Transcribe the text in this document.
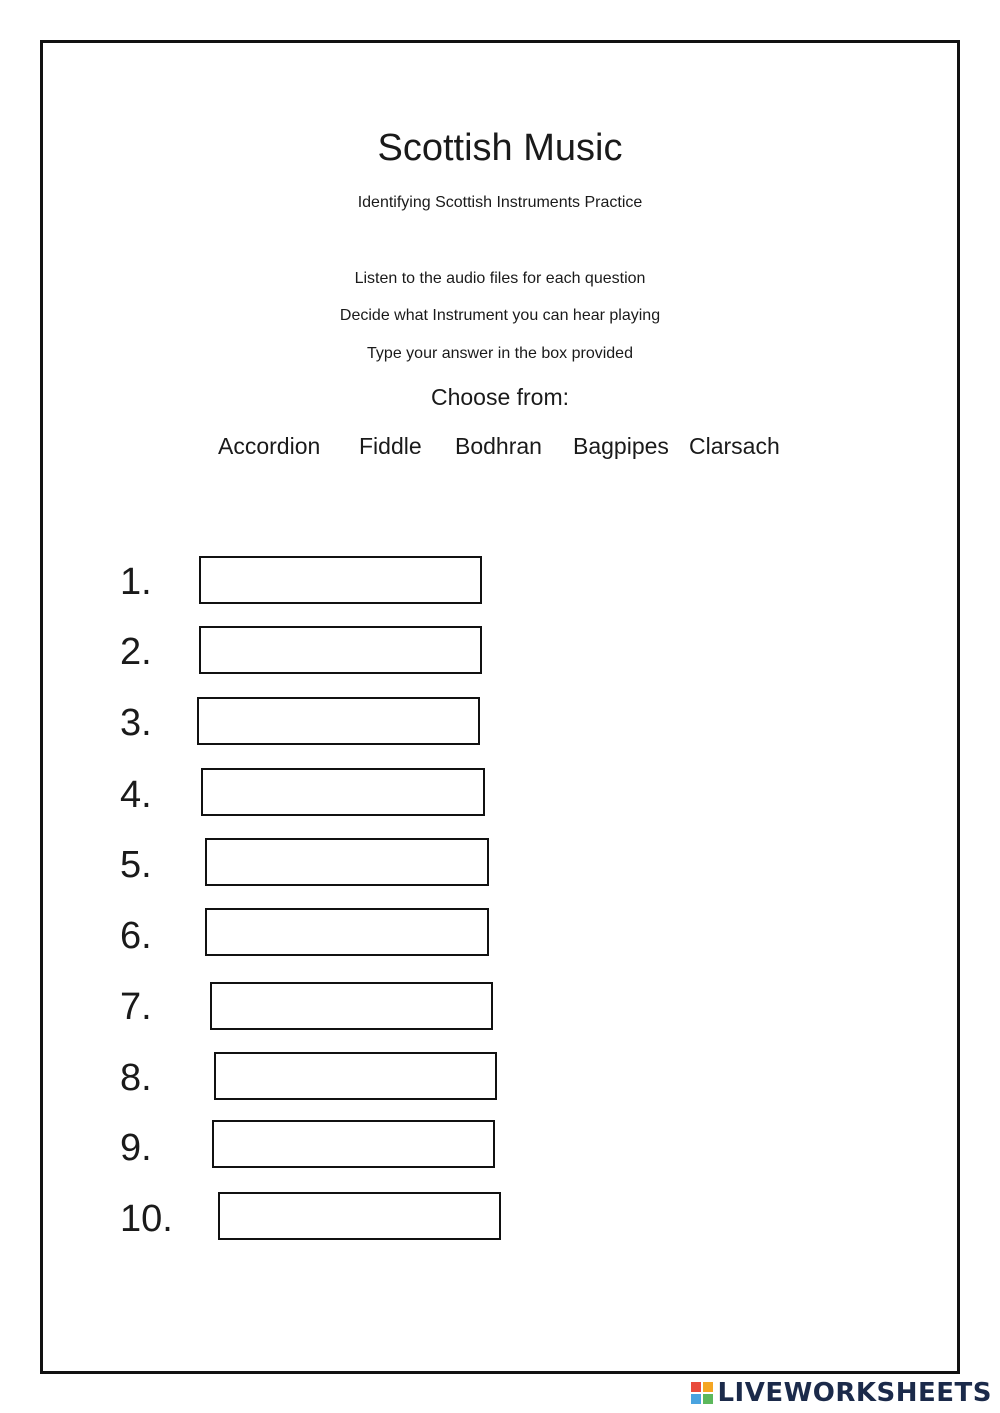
Scottish Music
Identifying Scottish Instruments Practice
Listen to the audio files for each question
Decide what Instrument you can hear playing
Type your answer in the box provided
Choose from:
Accordion Fiddle Bodhran Bagpipes Clarsach
1.
2.
3.
4.
5.
6.
7.
8.
9.
10.
LIVEWORKSHEETS
